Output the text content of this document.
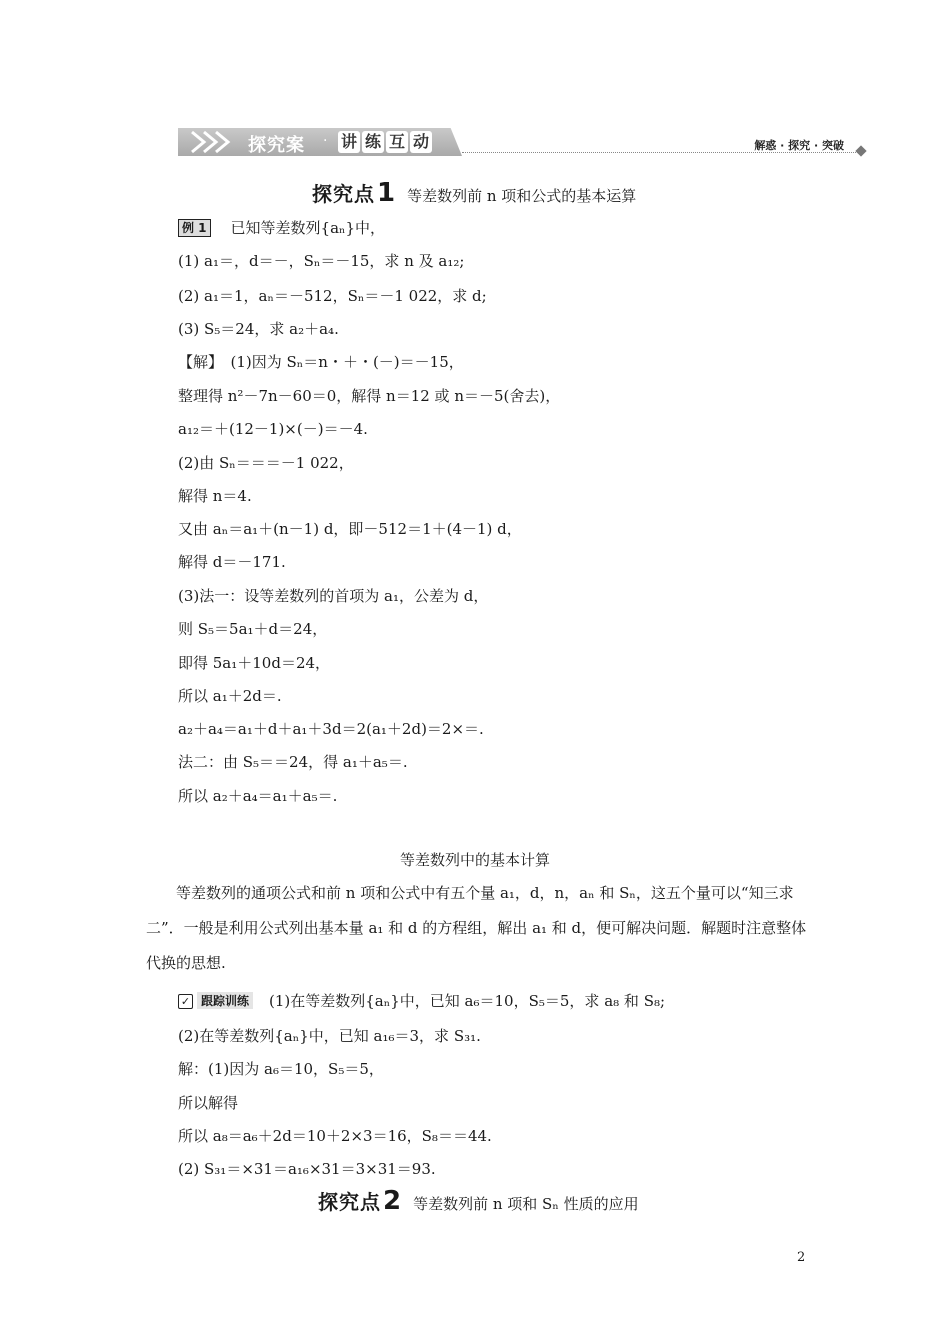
探究案 · 讲 练 互 动	解惑 · 探究 · 突破
探究点 1 等差数列前 n 项和公式的基本运算
例 1 已知等差数列{aₙ}中，
(1) a₁＝，d＝－，Sₙ＝－15，求 n 及 a₁₂;
(2) a₁＝1，aₙ＝－512，Sₙ＝－1 022，求 d;
(3) S₅＝24，求 a₂＋a₄.
【解】　(1)因为 Sₙ＝n・＋・(－)＝－15，
整理得 n²－7n－60＝0，解得 n＝12 或 n＝－5(舍去)，
a₁₂＝＋(12－1)×(－)＝－4.
(2)由 Sₙ＝＝＝－1 022，
解得 n＝4.
又由 aₙ＝a₁＋(n－1) d，即－512＝1＋(4－1) d，
解得 d＝－171.
(3)法一：设等差数列的首项为 a₁，公差为 d，
则 S₅＝5a₁＋d＝24，
即得 5a₁＋10d＝24，
所以 a₁＋2d＝.
a₂＋a₄＝a₁＋d＋a₁＋3d＝2(a₁＋2d)＝2×＝.
法二：由 S₅＝＝24，得 a₁＋a₅＝.
所以 a₂＋a₄＝a₁＋a₅＝.
等差数列中的基本计算
等差数列的通项公式和前 n 项和公式中有五个量 a₁，d，n，aₙ 和 Sₙ，这五个量可以“知三求二”．一般是利用公式列出基本量 a₁ 和 d 的方程组，解出 a₁ 和 d，便可解决问题．解题时注意整体代换的思想.
✓ 跟踪训练 (1)在等差数列{aₙ}中，已知 a₆＝10，S₅＝5，求 a₈ 和 S₈;
(2)在等差数列{aₙ}中，已知 a₁₆＝3，求 S₃₁.
解：(1)因为 a₆＝10，S₅＝5，
所以解得
所以 a₈＝a₆＋2d＝10＋2×3＝16，S₈＝＝44.
(2) S₃₁＝×31＝a₁₆×31＝3×31＝93.
探究点 2 等差数列前 n 项和 Sₙ 性质的应用
2
